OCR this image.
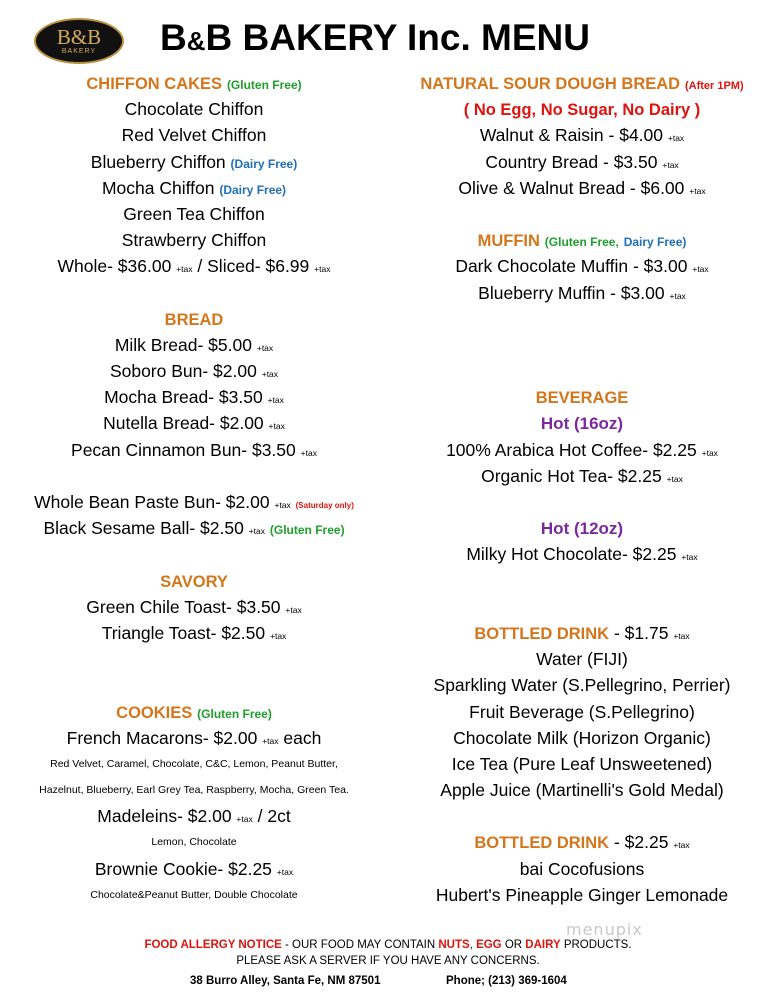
B&B
BAKERY	B&B BAKERY Inc. MENU
CHIFFON CAKES (Gluten Free)
Chocolate Chiffon
Red Velvet Chiffon
Blueberry Chiffon (Dairy Free)
Mocha Chiffon (Dairy Free)
Green Tea Chiffon
Strawberry Chiffon
Whole- $36.00 +tax / Sliced- $6.99 +tax
BREAD
Milk Bread- $5.00 +tax
Soboro Bun- $2.00 +tax
Mocha Bread- $3.50 +tax
Nutella Bread- $2.00 +tax
Pecan Cinnamon Bun- $3.50 +tax
Whole Bean Paste Bun- $2.00 +tax (Saturday only)
Black Sesame Ball- $2.50 +tax (Gluten Free)
SAVORY
Green Chile Toast- $3.50 +tax
Triangle Toast- $2.50 +tax
COOKIES (Gluten Free)
French Macarons- $2.00 +tax each
Red Velvet, Caramel, Chocolate, C&C, Lemon, Peanut Butter,
Hazelnut, Blueberry, Earl Grey Tea, Raspberry, Mocha, Green Tea.
Madeleins- $2.00 +tax / 2ct
Lemon, Chocolate
Brownie Cookie- $2.25 +tax
Chocolate&Peanut Butter, Double Chocolate
NATURAL SOUR DOUGH BREAD (After 1PM)
( No Egg, No Sugar, No Dairy )
Walnut & Raisin - $4.00 +tax
Country Bread - $3.50 +tax
Olive & Walnut Bread - $6.00 +tax
MUFFIN (Gluten Free, Dairy Free)
Dark Chocolate Muffin - $3.00 +tax
Blueberry Muffin - $3.00 +tax
BEVERAGE
Hot (16oz)
100% Arabica Hot Coffee- $2.25 +tax
Organic Hot Tea- $2.25 +tax
Hot (12oz)
Milky Hot Chocolate- $2.25 +tax
BOTTLED DRINK - $1.75 +tax
Water (FIJI)
Sparkling Water (S.Pellegrino, Perrier)
Fruit Beverage (S.Pellegrino)
Chocolate Milk (Horizon Organic)
Ice Tea (Pure Leaf Unsweetened)
Apple Juice (Martinelli's Gold Medal)
BOTTLED DRINK - $2.25 +tax
bai Cocofusions
Hubert's Pineapple Ginger Lemonade
menupix
FOOD ALLERGY NOTICE - OUR FOOD MAY CONTAIN NUTS, EGG OR DAIRY PRODUCTS.
PLEASE ASK A SERVER IF YOU HAVE ANY CONCERNS.
38 Burro Alley, Santa Fe, NM 87501	Phone; (213) 369-1604
